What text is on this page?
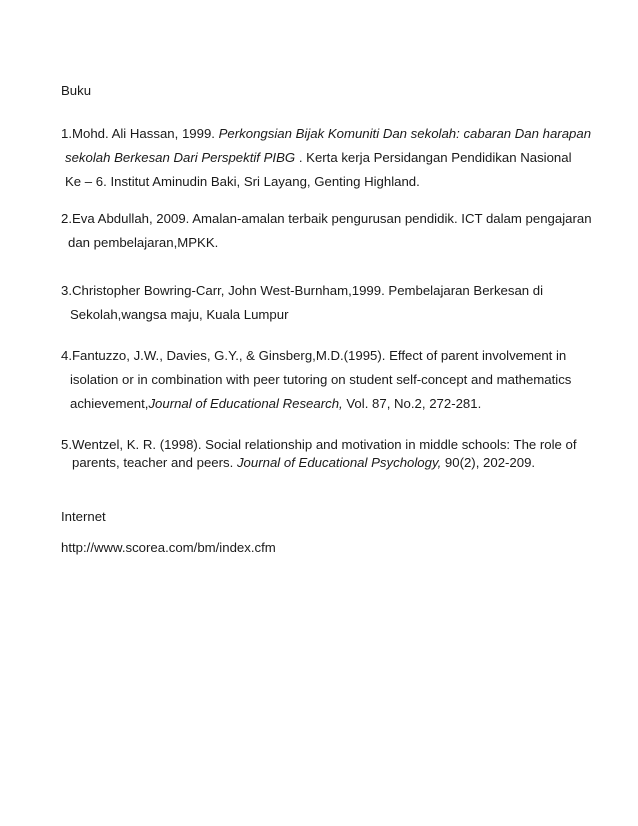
Buku
1.Mohd. Ali Hassan, 1999. Perkongsian Bijak Komuniti Dan sekolah: cabaran Dan harapan
sekolah Berkesan Dari Perspektif PIBG . Kerta kerja Persidangan Pendidikan Nasional
Ke – 6. Institut Aminudin Baki, Sri Layang, Genting Highland.
2.Eva Abdullah, 2009. Amalan-amalan terbaik pengurusan pendidik. ICT dalam pengajaran
dan pembelajaran,MPKK.
3.Christopher Bowring-Carr, John West-Burnham,1999. Pembelajaran Berkesan di
Sekolah,wangsa maju, Kuala Lumpur
4.Fantuzzo, J.W., Davies, G.Y., & Ginsberg,M.D.(1995). Effect of parent involvement in
isolation or in combination with peer tutoring on student self-concept and mathematics
achievement,Journal of Educational Research, Vol. 87, No.2, 272-281.
5.Wentzel, K. R. (1998). Social relationship and motivation in middle schools: The role of
parents, teacher and peers. Journal of Educational Psychology, 90(2), 202-209.
Internet

http://www.scorea.com/bm/index.cfm
